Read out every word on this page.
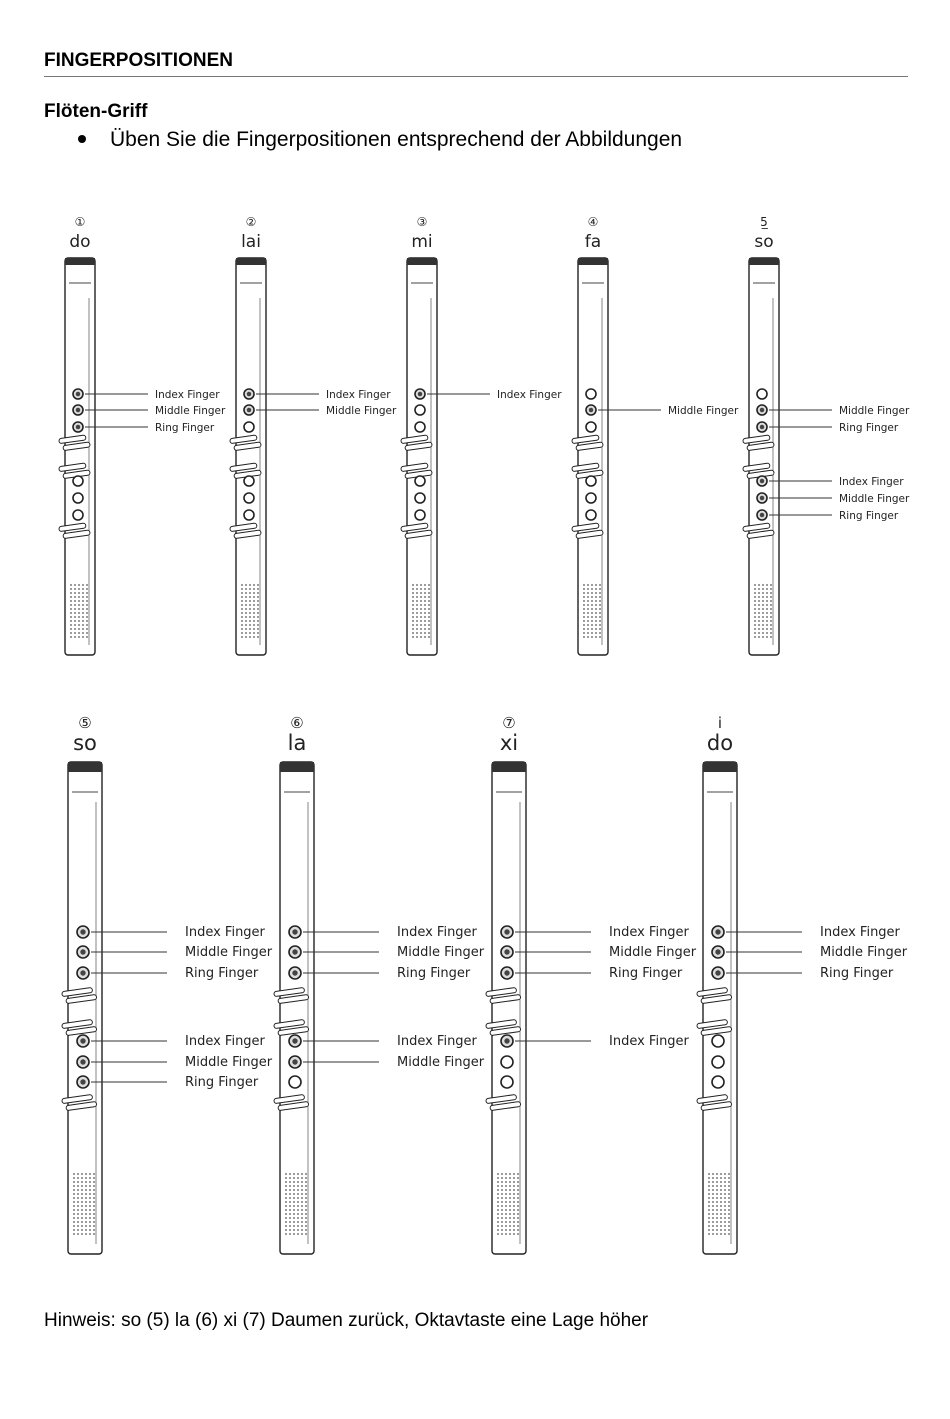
FINGERPOSITIONEN
Flöten-Griff
Üben Sie die Fingerpositionen entsprechend der Abbildungen
①
do
Index Finger
Middle Finger
Ring Finger
②
lai
Index Finger
Middle Finger
③
mi
Index Finger
④
fa
Middle Finger
5̲
so
Middle Finger
Ring Finger
Index Finger
Middle Finger
Ring Finger
⑤
so
Index Finger
Middle Finger
Ring Finger
Index Finger
Middle Finger
Ring Finger
⑥
la
Index Finger
Middle Finger
Ring Finger
Index Finger
Middle Finger
⑦
xi
Index Finger
Middle Finger
Ring Finger
Index Finger
i
do
Index Finger
Middle Finger
Ring Finger
Hinweis: so (5) la (6) xi (7) Daumen zurück, Oktavtaste eine Lage höher
